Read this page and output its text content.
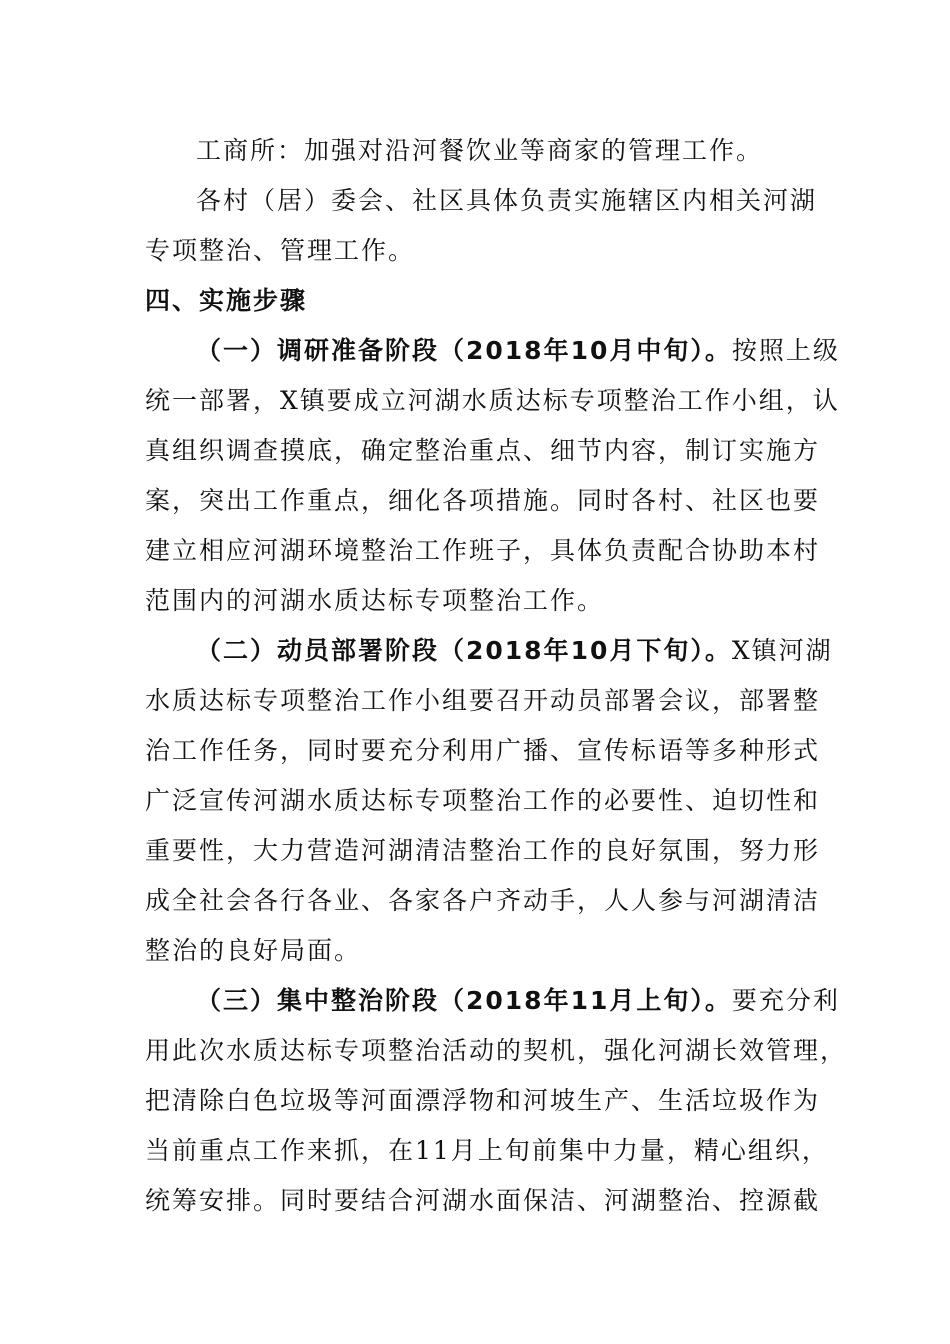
工商所：加强对沿河餐饮业等商家的管理工作。
各村（居）委会、社区具体负责实施辖区内相关河湖
专项整治、管理工作。
四、实施步骤
（一）调研准备阶段（2018年10月中旬）。按照上级
统一部署，X镇要成立河湖水质达标专项整治工作小组，认
真组织调查摸底，确定整治重点、细节内容，制订实施方
案，突出工作重点，细化各项措施。同时各村、社区也要
建立相应河湖环境整治工作班子，具体负责配合协助本村
范围内的河湖水质达标专项整治工作。
（二）动员部署阶段（2018年10月下旬）。X镇河湖
水质达标专项整治工作小组要召开动员部署会议，部署整
治工作任务，同时要充分利用广播、宣传标语等多种形式
广泛宣传河湖水质达标专项整治工作的必要性、迫切性和
重要性，大力营造河湖清洁整治工作的良好氛围，努力形
成全社会各行各业、各家各户齐动手，人人参与河湖清洁
整治的良好局面。
（三）集中整治阶段（2018年11月上旬）。要充分利
用此次水质达标专项整治活动的契机，强化河湖长效管理，
把清除白色垃圾等河面漂浮物和河坡生产、生活垃圾作为
当前重点工作来抓，在11月上旬前集中力量，精心组织，
统筹安排。同时要结合河湖水面保洁、河湖整治、控源截
